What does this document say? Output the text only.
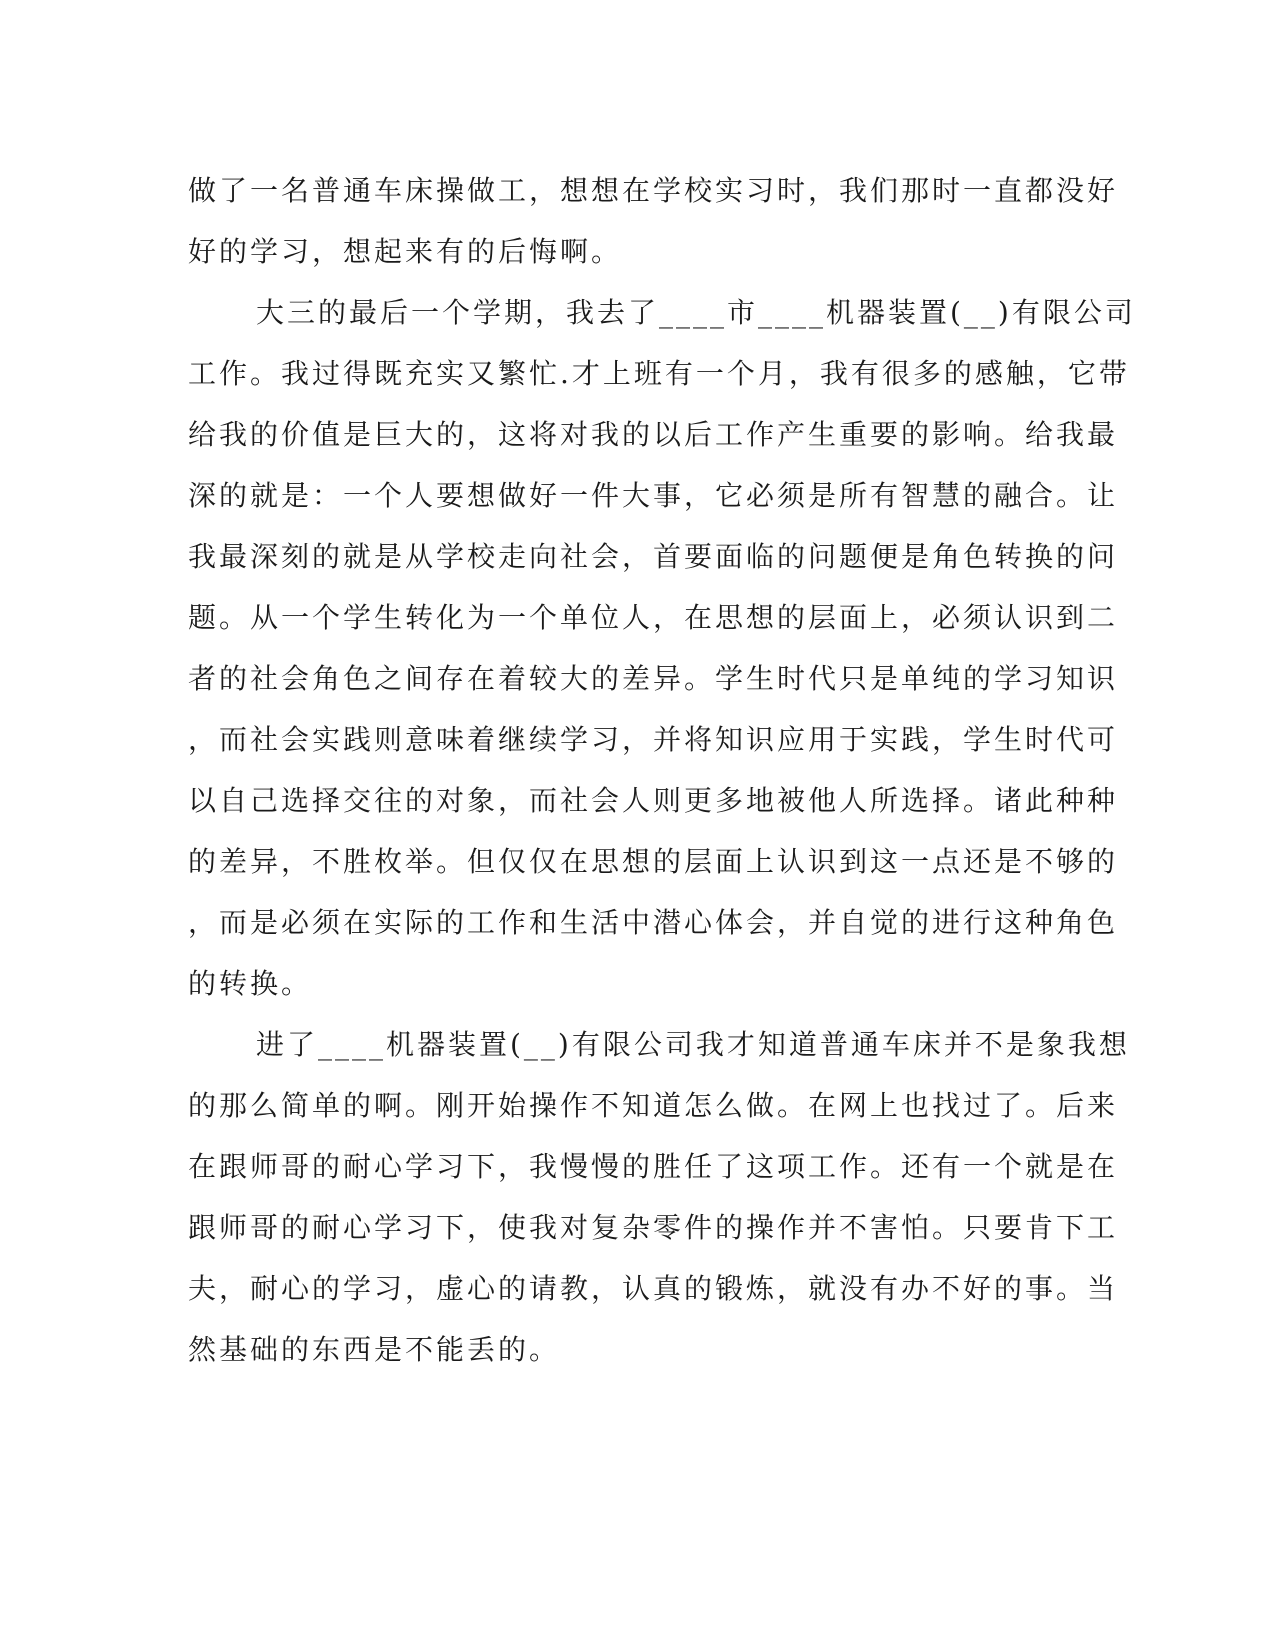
做了一名普通车床操做工，想想在学校实习时，我们那时一直都没好
好的学习，想起来有的后悔啊。
大三的最后一个学期，我去了____市____机器装置(__)有限公司
工作。我过得既充实又繁忙.才上班有一个月，我有很多的感触，它带
给我的价值是巨大的，这将对我的以后工作产生重要的影响。给我最
深的就是：一个人要想做好一件大事，它必须是所有智慧的融合。让
我最深刻的就是从学校走向社会，首要面临的问题便是角色转换的问
题。从一个学生转化为一个单位人，在思想的层面上，必须认识到二
者的社会角色之间存在着较大的差异。学生时代只是单纯的学习知识
，而社会实践则意味着继续学习，并将知识应用于实践，学生时代可
以自己选择交往的对象，而社会人则更多地被他人所选择。诸此种种
的差异，不胜枚举。但仅仅在思想的层面上认识到这一点还是不够的
，而是必须在实际的工作和生活中潜心体会，并自觉的进行这种角色
的转换。
进了____机器装置(__)有限公司我才知道普通车床并不是象我想
的那么简单的啊。刚开始操作不知道怎么做。在网上也找过了。后来
在跟师哥的耐心学习下，我慢慢的胜任了这项工作。还有一个就是在
跟师哥的耐心学习下，使我对复杂零件的操作并不害怕。只要肯下工
夫，耐心的学习，虚心的请教，认真的锻炼，就没有办不好的事。当
然基础的东西是不能丢的。
